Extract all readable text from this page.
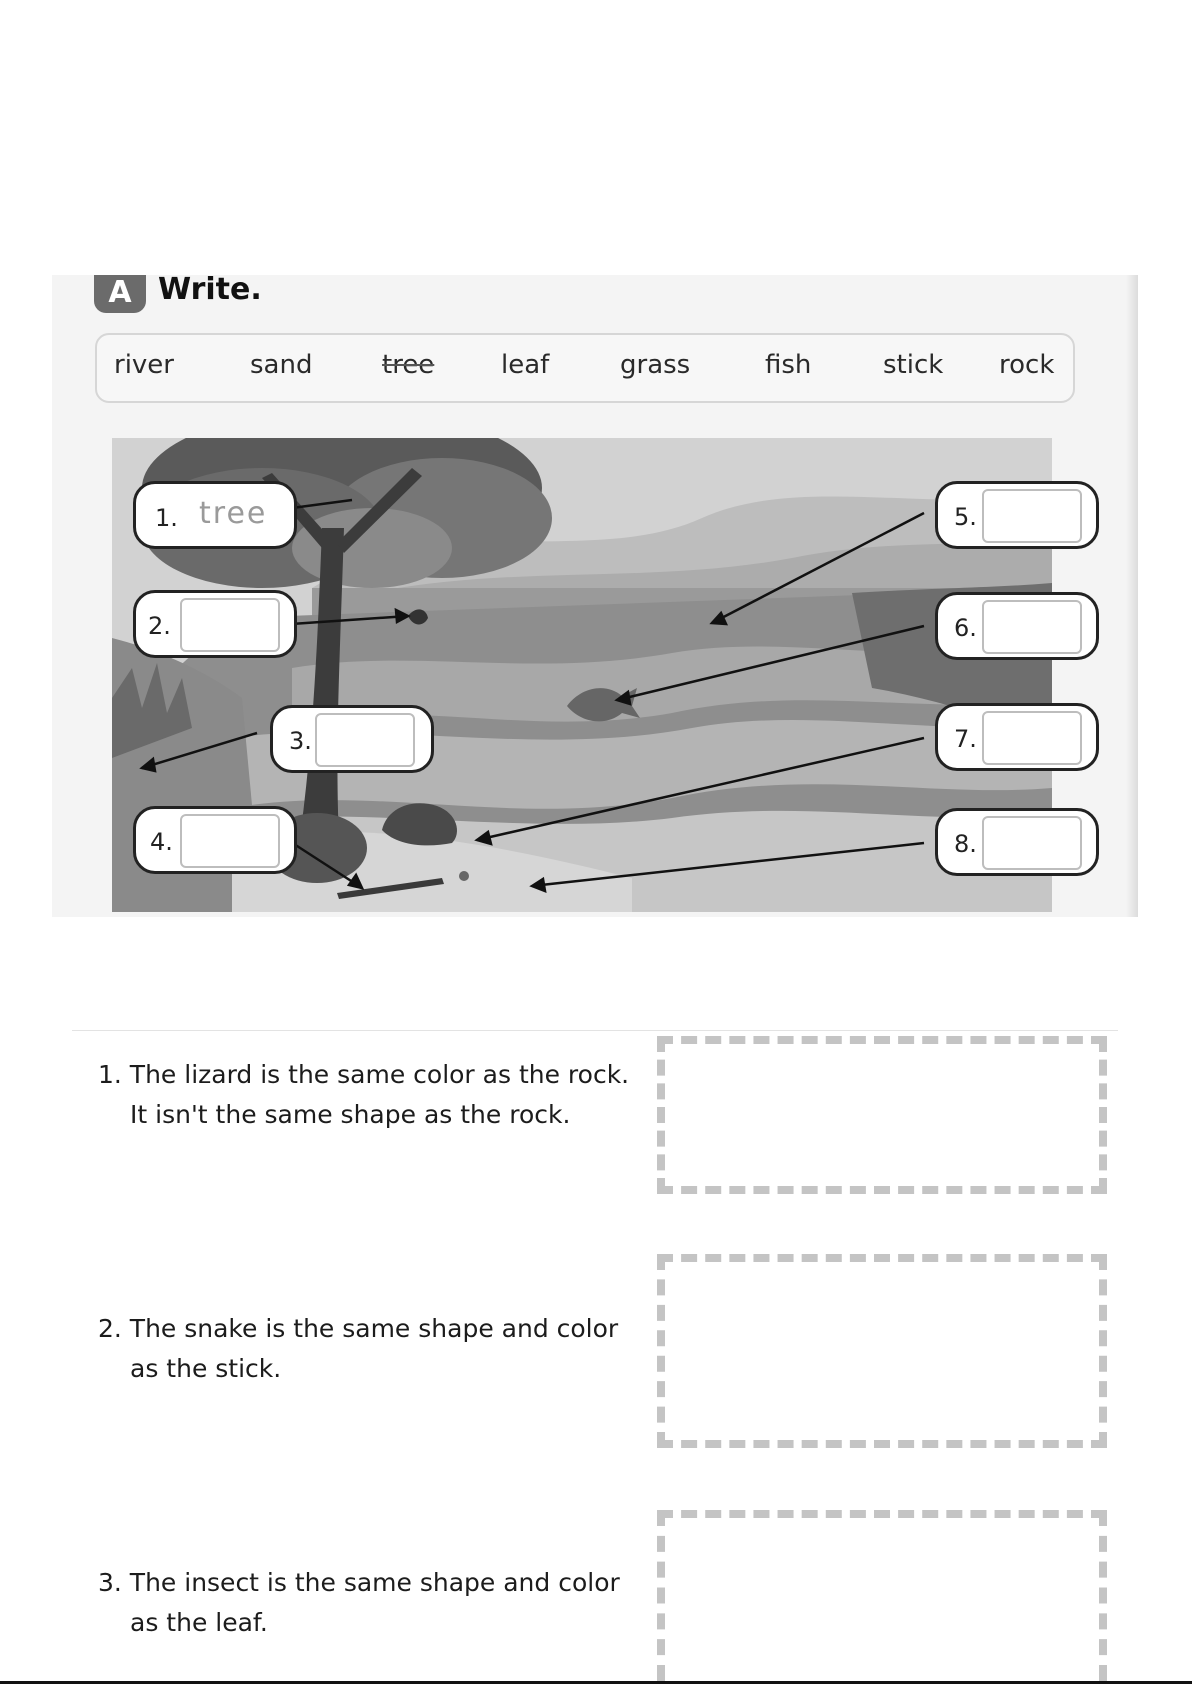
A Write.
river	sand	tree	leaf	grass	fish	stick rock
1. tree
2.
3.
4.
5.
6.
7.
8.
1. The lizard is the same color as the rock.
It isn't the same shape as the rock.
2. The snake is the same shape and color
as the stick.
3. The insect is the same shape and color
as the leaf.
